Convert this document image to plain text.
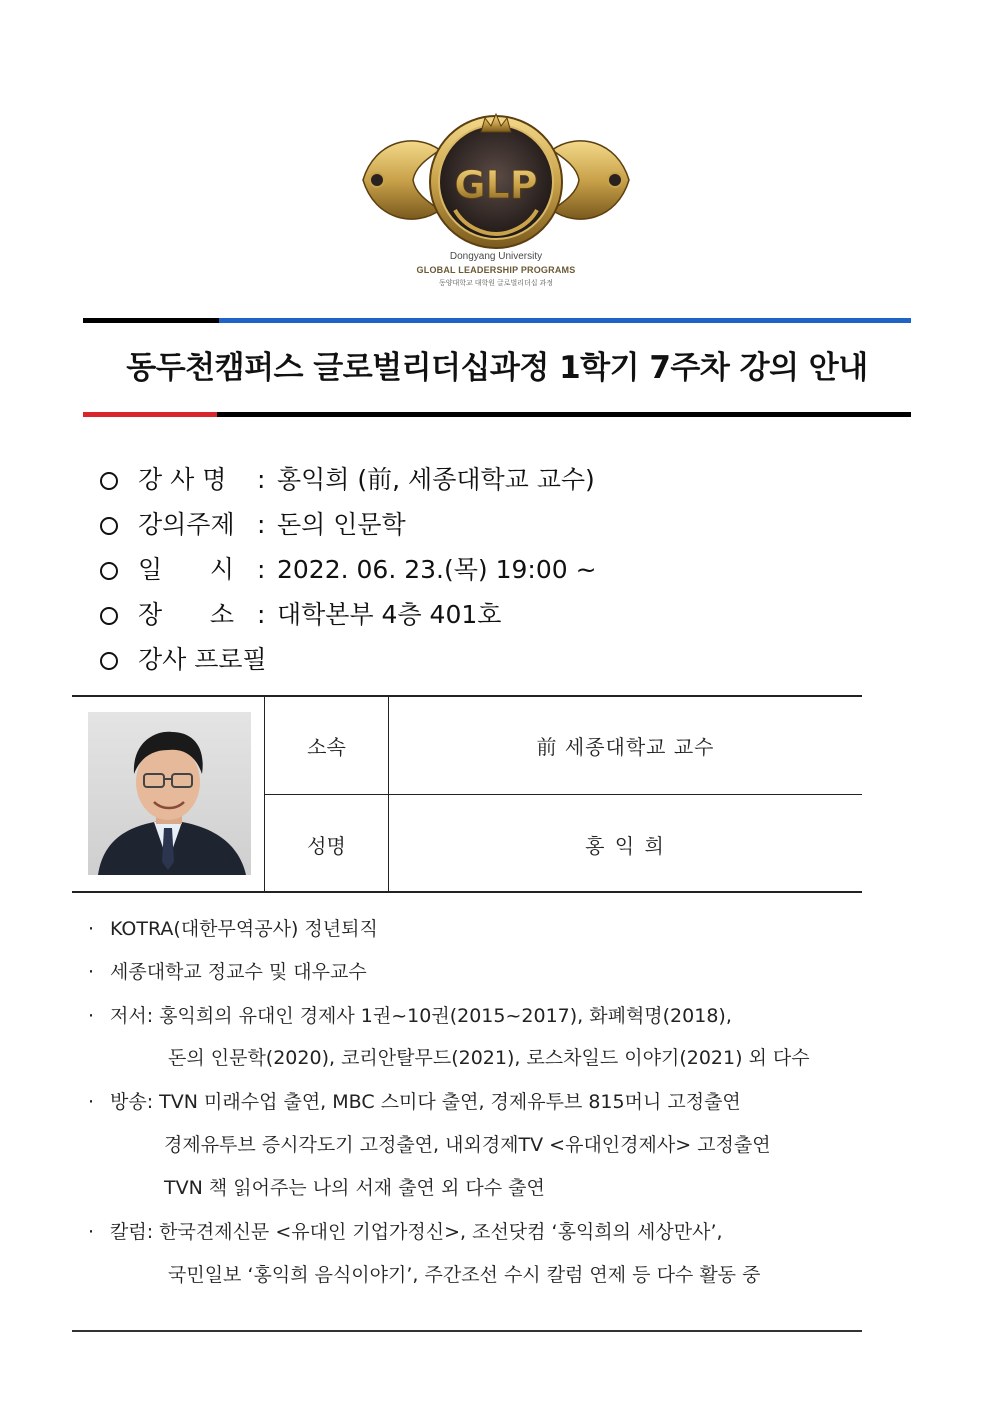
GLP
Dongyang University
GLOBAL LEADERSHIP PROGRAMS
동양대학교 대학원 글로벌리더십 과정
동두천캠퍼스 글로벌리더십과정 1학기 7주차 강의 안내
강 사 명 : 홍익희 (前, 세종대학교 교수)
강의주제 : 돈의 인문학
일      시 : 2022. 06. 23.(목) 19:00 ~
장      소 : 대학본부 4층 401호
강사 프로필
소속	前 세종대학교 교수
성명	홍 익 희
· KOTRA(대한무역공사) 정년퇴직
· 세종대학교 정교수 및 대우교수
· 저서: 홍익희의 유대인 경제사 1권~10권(2015~2017), 화폐혁명(2018),
돈의 인문학(2020), 코리안탈무드(2021), 로스차일드 이야기(2021) 외 다수
· 방송: TVN 미래수업 출연, MBC 스미다 출연, 경제유투브 815머니 고정출연
경제유투브 증시각도기 고정출연, 내외경제TV <유대인경제사> 고정출연
TVN 책 읽어주는 나의 서재 출연 외 다수 출연
· 칼럼: 한국견제신문 <유대인 기업가정신>, 조선닷컴 ‘홍익희의 세상만사’,
국민일보 ‘홍익희 음식이야기’, 주간조선 수시 칼럼 연제 등 다수 활동 중
